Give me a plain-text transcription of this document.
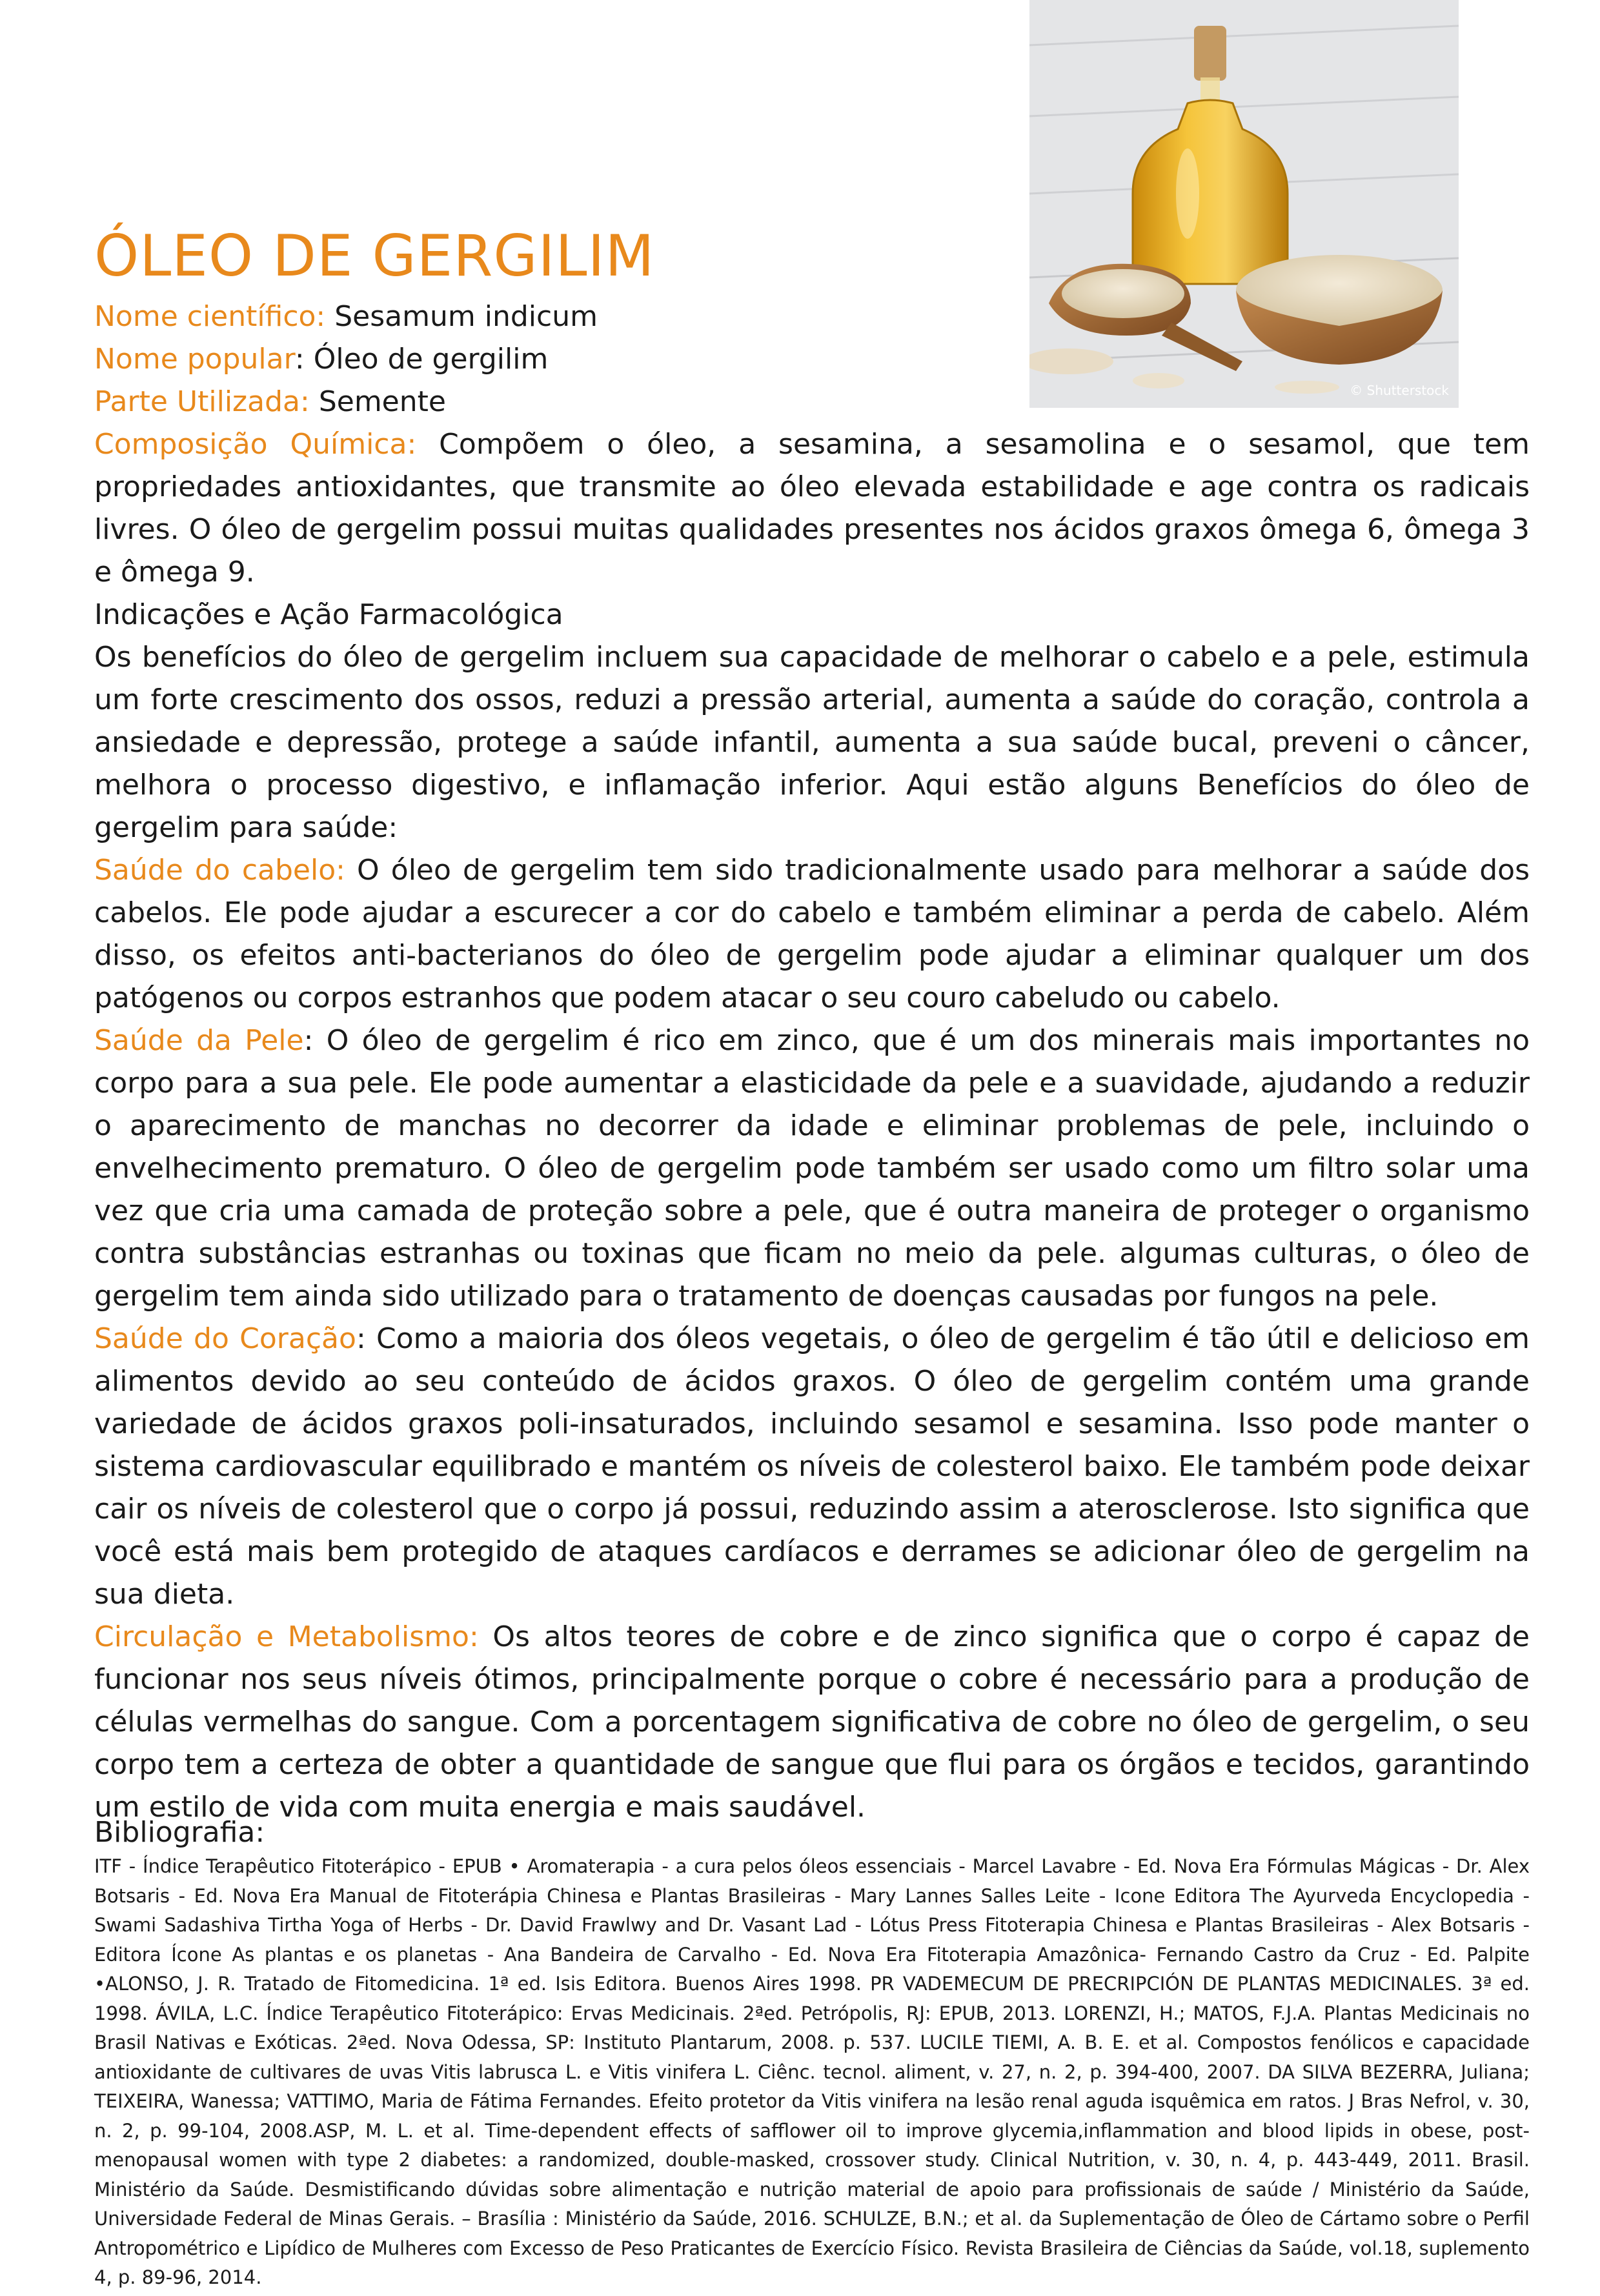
© Shutterstock
ÓLEO DE GERGILIM
Nome científico: Sesamum indicum
Nome popular: Óleo de gergilim
Parte Utilizada: Semente

Composição Química: Compõem o óleo, a sesamina, a sesamolina e o sesamol, que tem propriedades antioxidantes, que transmite ao óleo elevada estabilidade e age contra os radicais livres. O óleo de gergelim possui muitas qualidades presentes nos ácidos graxos ômega 6, ômega 3 e ômega 9.

Indicações e Ação Farmacológica

Os benefícios do óleo de gergelim incluem sua capacidade de melhorar o cabelo e a pele, estimula um forte crescimento dos ossos, reduzi a pressão arterial, aumenta a saúde do coração, controla a ansiedade e depressão, protege a saúde infantil, aumenta a sua saúde bucal, preveni o câncer, melhora o processo digestivo, e inflamação inferior. Aqui estão alguns Benefícios do óleo de gergelim para saúde:

Saúde do cabelo: O óleo de gergelim tem sido tradicionalmente usado para melhorar a saúde dos cabelos. Ele pode ajudar a escurecer a cor do cabelo e também eliminar a perda de cabelo. Além disso, os efeitos anti-bacterianos do óleo de gergelim pode ajudar a eliminar qualquer um dos patógenos ou corpos estranhos que podem atacar o seu couro cabeludo ou cabelo.

Saúde da Pele: O óleo de gergelim é rico em zinco, que é um dos minerais mais importantes no corpo para a sua pele. Ele pode aumentar a elasticidade da pele e a suavidade, ajudando a reduzir o aparecimento de manchas no decorrer da idade e eliminar problemas de pele, incluindo o envelhecimento prematuro. O óleo de gergelim pode também ser usado como um filtro solar uma vez que cria uma camada de proteção sobre a pele, que é outra maneira de proteger o organismo contra substâncias estranhas ou toxinas que ficam no meio da pele. algumas culturas, o óleo de gergelim tem ainda sido utilizado para o tratamento de doenças causadas por fungos na pele.

Saúde do Coração: Como a maioria dos óleos vegetais, o óleo de gergelim é tão útil e delicioso em alimentos devido ao seu conteúdo de ácidos graxos. O óleo de gergelim contém uma grande variedade de ácidos graxos poli-insaturados, incluindo sesamol e sesamina. Isso pode manter o sistema cardiovascular equilibrado e mantém os níveis de colesterol baixo. Ele também pode deixar cair os níveis de colesterol que o corpo já possui, reduzindo assim a aterosclerose. Isto significa que você está mais bem protegido de ataques cardíacos e derrames se adicionar óleo de gergelim na sua dieta.

Circulação e Metabolismo: Os altos teores de cobre e de zinco significa que o corpo é capaz de funcionar nos seus níveis ótimos, principalmente porque o cobre é necessário para a produção de células vermelhas do sangue. Com a porcentagem significativa de cobre no óleo de gergelim, o seu corpo tem a certeza de obter a quantidade de sangue que flui para os órgãos e tecidos, garantindo um estilo de vida com muita energia e mais saudável.

Bibliografia:
ITF - Índice Terapêutico Fitoterápico - EPUB • Aromaterapia - a cura pelos óleos essenciais - Marcel Lavabre - Ed. Nova Era Fórmulas Mágicas - Dr. Alex Botsaris - Ed. Nova Era Manual de Fitoterápia Chinesa e Plantas Brasileiras - Mary Lannes Salles Leite - Icone Editora The Ayurveda Encyclopedia - Swami Sadashiva Tirtha Yoga of Herbs - Dr. David Frawlwy and Dr. Vasant Lad - Lótus Press Fitoterapia Chinesa e Plantas Brasileiras - Alex Botsaris - Editora Ícone As plantas e os planetas - Ana Bandeira de Carvalho - Ed. Nova Era Fitoterapia Amazônica- Fernando Castro da Cruz - Ed. Palpite •ALONSO, J. R. Tratado de Fitomedicina. 1ª ed. Isis Editora. Buenos Aires 1998. PR VADEMECUM DE PRECRIPCIÓN DE PLANTAS MEDICINALES. 3ª ed. 1998. ÁVILA, L.C. Índice Terapêutico Fitoterápico: Ervas Medicinais. 2ªed. Petrópolis, RJ: EPUB, 2013. LORENZI, H.; MATOS, F.J.A. Plantas Medicinais no Brasil Nativas e Exóticas. 2ªed. Nova Odessa, SP: Instituto Plantarum, 2008. p. 537. LUCILE TIEMI, A. B. E. et al. Compostos fenólicos e capacidade antioxidante de cultivares de uvas Vitis labrusca L. e Vitis vinifera L. Ciênc. tecnol. aliment, v. 27, n. 2, p. 394-400, 2007. DA SILVA BEZERRA, Juliana; TEIXEIRA, Wanessa; VATTIMO, Maria de Fátima Fernandes. Efeito protetor da Vitis vinifera na lesão renal aguda isquêmica em ratos. J Bras Nefrol, v. 30, n. 2, p. 99-104, 2008.ASP, M. L. et al. Time-dependent effects of safflower oil to improve glycemia,inflammation and blood lipids in obese, post-menopausal women with type 2 diabetes: a randomized, double-masked, crossover study. Clinical Nutrition, v. 30, n. 4, p. 443-449, 2011. Brasil. Ministério da Saúde. Desmistificando dúvidas sobre alimentação e nutrição material de apoio para profissionais de saúde / Ministério da Saúde, Universidade Federal de Minas Gerais. – Brasília : Ministério da Saúde, 2016. SCHULZE, B.N.; et al. da Suplementação de Óleo de Cártamo sobre o Perfil Antropométrico e Lipídico de Mulheres com Excesso de Peso Praticantes de Exercício Físico. Revista Brasileira de Ciências da Saúde, vol.18, suplemento 4, p. 89-96, 2014.
